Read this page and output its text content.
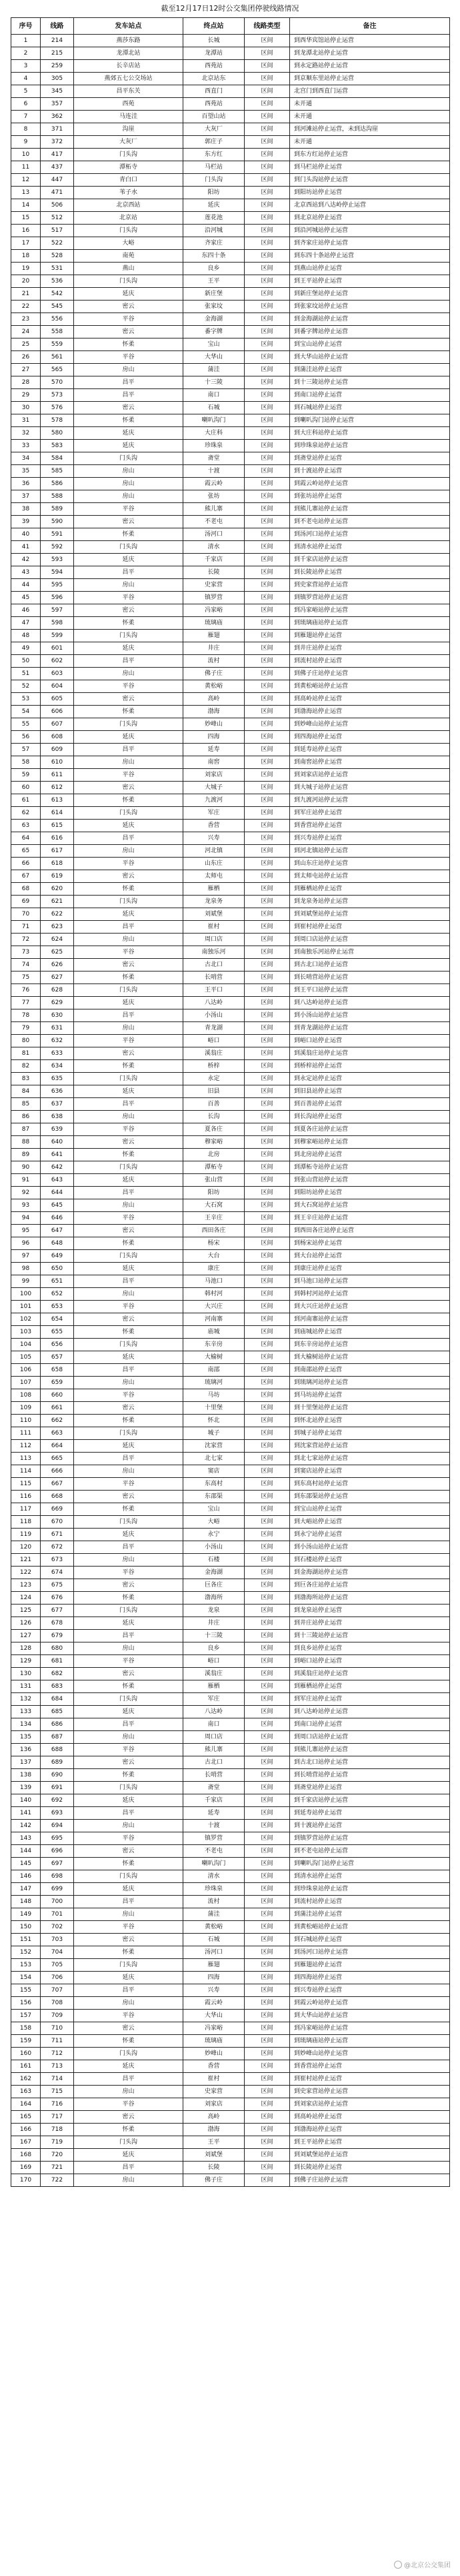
截至12月17日12时公交集团停驶线路情况
序号	线路	发车站点	终点站	线路类型	备注
1	214	燕莎东路	长城	区间	到西华宾馆站停止运营
2	215	龙潭北站	龙潭站	区间	到龙潭北站停止运营
3	259	长辛店站	西苑站	区间	到永定路站停止运营
4	305	燕郊五七公交场站	北京站东	区间	到京顺东里站停止运营
5	345	昌平东关	西直门	区间	北宫门到西直门运营
6	357	西苑	西苑站	区间	未开通
7	362	马连洼	百望山站	区间	未开通
8	371	沟崖	大灰厂	区间	到河滩站停止运营，未到达沟崖
9	372	大灰厂	郭庄子	区间	未开通
10	417	门头沟	东方红	区间	到东方红站停止运营
11	437	潭柘寺	马栏站	区间	到马栏站停止运营
12	447	青白口	门头沟	区间	到门头沟站停止运营
13	471	苇子水	阳坊	区间	到阳坊站停止运营
14	506	北京西站	延庆	区间	北京西站到八达岭停止运营
15	512	北京站	莲花池	区间	到北京站停止运营
16	517	门头沟	沿河城	区间	到沿河城站停止运营
17	522	大峪	齐家庄	区间	到齐家庄站停止运营
18	528	南苑	东四十条	区间	到东四十条站停止运营
19	531	燕山	良乡	区间	到燕山站停止运营
20	536	门头沟	王平	区间	到王平站停止运营
21	542	延庆	新庄堡	区间	到新庄堡站停止运营
22	545	密云	张家坟	区间	到张家坟站停止运营
23	556	平谷	金海湖	区间	到金海湖站停止运营
24	558	密云	番字牌	区间	到番字牌站停止运营
25	559	怀柔	宝山	区间	到宝山站停止运营
26	561	平谷	大华山	区间	到大华山站停止运营
27	565	房山	蒲洼	区间	到蒲洼站停止运营
28	570	昌平	十三陵	区间	到十三陵站停止运营
29	573	昌平	南口	区间	到南口站停止运营
30	576	密云	石城	区间	到石城站停止运营
31	578	怀柔	喇叭沟门	区间	到喇叭沟门站停止运营
32	580	延庆	大庄科	区间	到大庄科站停止运营
33	583	延庆	珍珠泉	区间	到珍珠泉站停止运营
34	584	门头沟	斋堂	区间	到斋堂站停止运营
35	585	房山	十渡	区间	到十渡站停止运营
36	586	房山	霞云岭	区间	到霞云岭站停止运营
37	588	房山	张坊	区间	到张坊站停止运营
38	589	平谷	熊儿寨	区间	到熊儿寨站停止运营
39	590	密云	不老屯	区间	到不老屯站停止运营
40	591	怀柔	汤河口	区间	到汤河口站停止运营
41	592	门头沟	清水	区间	到清水站停止运营
42	593	延庆	千家店	区间	到千家店站停止运营
43	594	昌平	长陵	区间	到长陵站停止运营
44	595	房山	史家营	区间	到史家营站停止运营
45	596	平谷	镇罗营	区间	到镇罗营站停止运营
46	597	密云	冯家峪	区间	到冯家峪站停止运营
47	598	怀柔	琉璃庙	区间	到琉璃庙站停止运营
48	599	门头沟	雁翅	区间	到雁翅站停止运营
49	601	延庆	井庄	区间	到井庄站停止运营
50	602	昌平	流村	区间	到流村站停止运营
51	603	房山	佛子庄	区间	到佛子庄站停止运营
52	604	平谷	黄松峪	区间	到黄松峪站停止运营
53	605	密云	高岭	区间	到高岭站停止运营
54	606	怀柔	渤海	区间	到渤海站停止运营
55	607	门头沟	妙峰山	区间	到妙峰山站停止运营
56	608	延庆	四海	区间	到四海站停止运营
57	609	昌平	延寿	区间	到延寿站停止运营
58	610	房山	南窖	区间	到南窖站停止运营
59	611	平谷	刘家店	区间	到刘家店站停止运营
60	612	密云	大城子	区间	到大城子站停止运营
61	613	怀柔	九渡河	区间	到九渡河站停止运营
62	614	门头沟	军庄	区间	到军庄站停止运营
63	615	延庆	香营	区间	到香营站停止运营
64	616	昌平	兴寿	区间	到兴寿站停止运营
65	617	房山	河北镇	区间	到河北镇站停止运营
66	618	平谷	山东庄	区间	到山东庄站停止运营
67	619	密云	太师屯	区间	到太师屯站停止运营
68	620	怀柔	雁栖	区间	到雁栖站停止运营
69	621	门头沟	龙泉务	区间	到龙泉务站停止运营
70	622	延庆	刘斌堡	区间	到刘斌堡站停止运营
71	623	昌平	崔村	区间	到崔村站停止运营
72	624	房山	周口店	区间	到周口店站停止运营
73	625	平谷	南独乐河	区间	到南独乐河站停止运营
74	626	密云	古北口	区间	到古北口站停止运营
75	627	怀柔	长哨营	区间	到长哨营站停止运营
76	628	门头沟	王平口	区间	到王平口站停止运营
77	629	延庆	八达岭	区间	到八达岭站停止运营
78	630	昌平	小汤山	区间	到小汤山站停止运营
79	631	房山	青龙湖	区间	到青龙湖站停止运营
80	632	平谷	峪口	区间	到峪口站停止运营
81	633	密云	溪翁庄	区间	到溪翁庄站停止运营
82	634	怀柔	桥梓	区间	到桥梓站停止运营
83	635	门头沟	永定	区间	到永定站停止运营
84	636	延庆	旧县	区间	到旧县站停止运营
85	637	昌平	百善	区间	到百善站停止运营
86	638	房山	长沟	区间	到长沟站停止运营
87	639	平谷	夏各庄	区间	到夏各庄站停止运营
88	640	密云	穆家峪	区间	到穆家峪站停止运营
89	641	怀柔	北房	区间	到北房站停止运营
90	642	门头沟	潭柘寺	区间	到潭柘寺站停止运营
91	643	延庆	张山营	区间	到张山营站停止运营
92	644	昌平	阳坊	区间	到阳坊站停止运营
93	645	房山	大石窝	区间	到大石窝站停止运营
94	646	平谷	王辛庄	区间	到王辛庄站停止运营
95	647	密云	西田各庄	区间	到西田各庄站停止运营
96	648	怀柔	杨宋	区间	到杨宋站停止运营
97	649	门头沟	大台	区间	到大台站停止运营
98	650	延庆	康庄	区间	到康庄站停止运营
99	651	昌平	马池口	区间	到马池口站停止运营
100	652	房山	韩村河	区间	到韩村河站停止运营
101	653	平谷	大兴庄	区间	到大兴庄站停止运营
102	654	密云	河南寨	区间	到河南寨站停止运营
103	655	怀柔	庙城	区间	到庙城站停止运营
104	656	门头沟	东辛房	区间	到东辛房站停止运营
105	657	延庆	大榆树	区间	到大榆树站停止运营
106	658	昌平	南邵	区间	到南邵站停止运营
107	659	房山	琉璃河	区间	到琉璃河站停止运营
108	660	平谷	马坊	区间	到马坊站停止运营
109	661	密云	十里堡	区间	到十里堡站停止运营
110	662	怀柔	怀北	区间	到怀北站停止运营
111	663	门头沟	城子	区间	到城子站停止运营
112	664	延庆	沈家营	区间	到沈家营站停止运营
113	665	昌平	北七家	区间	到北七家站停止运营
114	666	房山	窦店	区间	到窦店站停止运营
115	667	平谷	东高村	区间	到东高村站停止运营
116	668	密云	东邵渠	区间	到东邵渠站停止运营
117	669	怀柔	宝山	区间	到宝山站停止运营
118	670	门头沟	大峪	区间	到大峪站停止运营
119	671	延庆	永宁	区间	到永宁站停止运营
120	672	昌平	小汤山	区间	到小汤山站停止运营
121	673	房山	石楼	区间	到石楼站停止运营
122	674	平谷	金海湖	区间	到金海湖站停止运营
123	675	密云	巨各庄	区间	到巨各庄站停止运营
124	676	怀柔	渤海所	区间	到渤海所站停止运营
125	677	门头沟	龙泉	区间	到龙泉站停止运营
126	678	延庆	井庄	区间	到井庄站停止运营
127	679	昌平	十三陵	区间	到十三陵站停止运营
128	680	房山	良乡	区间	到良乡站停止运营
129	681	平谷	峪口	区间	到峪口站停止运营
130	682	密云	溪翁庄	区间	到溪翁庄站停止运营
131	683	怀柔	雁栖	区间	到雁栖站停止运营
132	684	门头沟	军庄	区间	到军庄站停止运营
133	685	延庆	八达岭	区间	到八达岭站停止运营
134	686	昌平	南口	区间	到南口站停止运营
135	687	房山	周口店	区间	到周口店站停止运营
136	688	平谷	熊儿寨	区间	到熊儿寨站停止运营
137	689	密云	古北口	区间	到古北口站停止运营
138	690	怀柔	长哨营	区间	到长哨营站停止运营
139	691	门头沟	斋堂	区间	到斋堂站停止运营
140	692	延庆	千家店	区间	到千家店站停止运营
141	693	昌平	延寿	区间	到延寿站停止运营
142	694	房山	十渡	区间	到十渡站停止运营
143	695	平谷	镇罗营	区间	到镇罗营站停止运营
144	696	密云	不老屯	区间	到不老屯站停止运营
145	697	怀柔	喇叭沟门	区间	到喇叭沟门站停止运营
146	698	门头沟	清水	区间	到清水站停止运营
147	699	延庆	珍珠泉	区间	到珍珠泉站停止运营
148	700	昌平	流村	区间	到流村站停止运营
149	701	房山	蒲洼	区间	到蒲洼站停止运营
150	702	平谷	黄松峪	区间	到黄松峪站停止运营
151	703	密云	石城	区间	到石城站停止运营
152	704	怀柔	汤河口	区间	到汤河口站停止运营
153	705	门头沟	雁翅	区间	到雁翅站停止运营
154	706	延庆	四海	区间	到四海站停止运营
155	707	昌平	兴寿	区间	到兴寿站停止运营
156	708	房山	霞云岭	区间	到霞云岭站停止运营
157	709	平谷	大华山	区间	到大华山站停止运营
158	710	密云	冯家峪	区间	到冯家峪站停止运营
159	711	怀柔	琉璃庙	区间	到琉璃庙站停止运营
160	712	门头沟	妙峰山	区间	到妙峰山站停止运营
161	713	延庆	香营	区间	到香营站停止运营
162	714	昌平	崔村	区间	到崔村站停止运营
163	715	房山	史家营	区间	到史家营站停止运营
164	716	平谷	刘家店	区间	到刘家店站停止运营
165	717	密云	高岭	区间	到高岭站停止运营
166	718	怀柔	渤海	区间	到渤海站停止运营
167	719	门头沟	王平	区间	到王平站停止运营
168	720	延庆	刘斌堡	区间	到刘斌堡站停止运营
169	721	昌平	长陵	区间	到长陵站停止运营
170	722	房山	佛子庄	区间	到佛子庄站停止运营
@北京公交集团
